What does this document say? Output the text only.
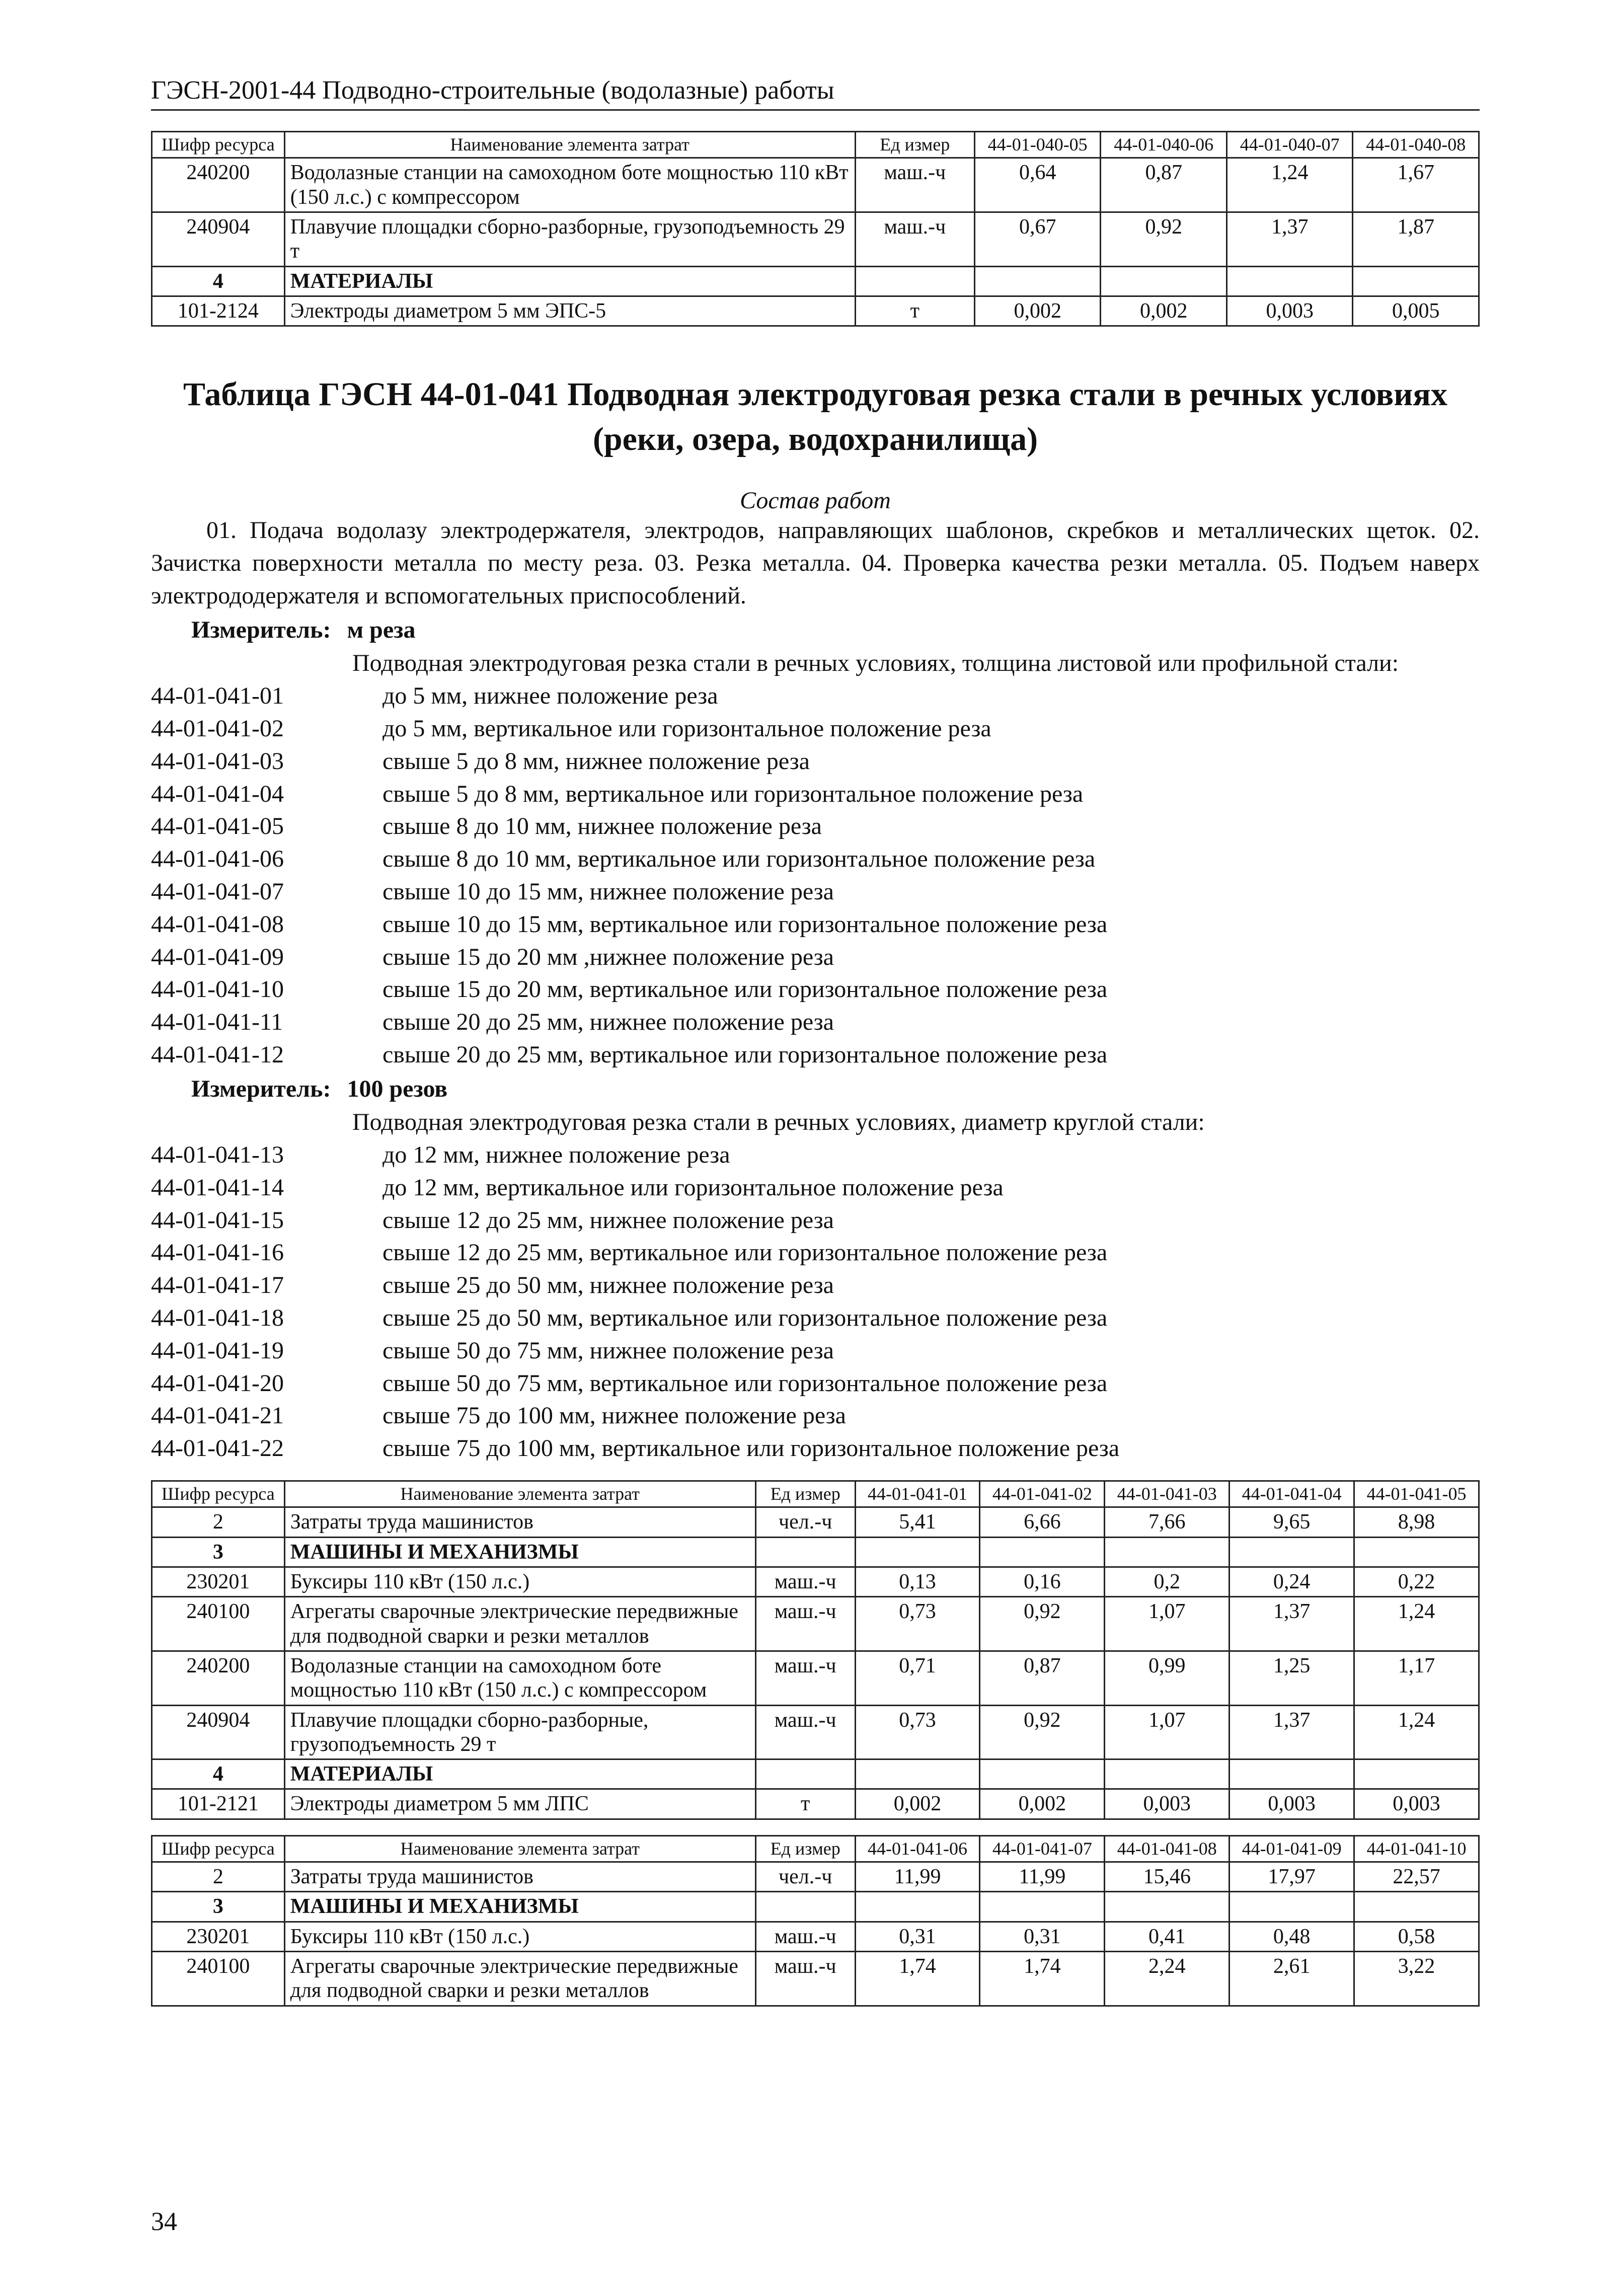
ГЭСН-2001-44 Подводно-строительные (водолазные) работы
Шифр ресурса	Наименование элемента затрат	Ед измер	44-01-040-05	44-01-040-06	44-01-040-07	44-01-040-08
240200	Водолазные станции на самоходном боте мощностью 110 кВт (150 л.с.) с компрессором	маш.-ч	0,64	0,87	1,24	1,67
240904	Плавучие площадки сборно-разборные, грузоподъемность 29 т	маш.-ч	0,67	0,92	1,37	1,87
4	МАТЕРИАЛЫ					
101-2124	Электроды диаметром 5 мм ЭПС-5	т	0,002	0,002	0,003	0,005
Таблица ГЭСН 44-01-041 Подводная электродуговая резка стали в речных условиях
(реки, озера, водохранилища)
Состав работ
01. Подача водолазу электродержателя, электродов, направляющих шаблонов, скребков и металлических щеток. 02. Зачистка поверхности металла по месту реза. 03. Резка металла. 04. Проверка качества резки металла. 05. Подъем наверх электрододержателя и вспомогательных приспособлений.
Измеритель: м реза
Подводная электродуговая резка стали в речных условиях, толщина листовой или профильной стали:
44-01-041-01	до 5 мм, нижнее положение реза
44-01-041-02	до 5 мм, вертикальное или горизонтальное положение реза
44-01-041-03	свыше 5 до 8 мм, нижнее положение реза
44-01-041-04	свыше 5 до 8 мм, вертикальное или горизонтальное положение реза
44-01-041-05	свыше 8 до 10 мм, нижнее положение реза
44-01-041-06	свыше 8 до 10 мм, вертикальное или горизонтальное положение реза
44-01-041-07	свыше 10 до 15 мм, нижнее положение реза
44-01-041-08	свыше 10 до 15 мм, вертикальное или горизонтальное положение реза
44-01-041-09	свыше 15 до 20 мм ,нижнее положение реза
44-01-041-10	свыше 15 до 20 мм, вертикальное или горизонтальное положение реза
44-01-041-11	свыше 20 до 25 мм, нижнее положение реза
44-01-041-12	свыше 20 до 25 мм, вертикальное или горизонтальное положение реза
Измеритель: 100 резов
Подводная электродуговая резка стали в речных условиях, диаметр круглой стали:
44-01-041-13	до 12 мм, нижнее положение реза
44-01-041-14	до 12 мм, вертикальное или горизонтальное положение реза
44-01-041-15	свыше 12 до 25 мм, нижнее положение реза
44-01-041-16	свыше 12 до 25 мм, вертикальное или горизонтальное положение реза
44-01-041-17	свыше 25 до 50 мм, нижнее положение реза
44-01-041-18	свыше 25 до 50 мм, вертикальное или горизонтальное положение реза
44-01-041-19	свыше 50 до 75 мм, нижнее положение реза
44-01-041-20	свыше 50 до 75 мм, вертикальное или горизонтальное положение реза
44-01-041-21	свыше 75 до 100 мм, нижнее положение реза
44-01-041-22	свыше 75 до 100 мм, вертикальное или горизонтальное положение реза
Шифр ресурса	Наименование элемента затрат	Ед измер	44-01-041-01	44-01-041-02	44-01-041-03	44-01-041-04	44-01-041-05
2	Затраты труда машинистов	чел.-ч	5,41	6,66	7,66	9,65	8,98
3	МАШИНЫ И МЕХАНИЗМЫ						
230201	Буксиры 110 кВт (150 л.с.)	маш.-ч	0,13	0,16	0,2	0,24	0,22
240100	Агрегаты сварочные электрические передвижные для подводной сварки и резки металлов	маш.-ч	0,73	0,92	1,07	1,37	1,24
240200	Водолазные станции на самоходном боте мощностью 110 кВт (150 л.с.) с компрессором	маш.-ч	0,71	0,87	0,99	1,25	1,17
240904	Плавучие площадки сборно-разборные, грузоподъемность 29 т	маш.-ч	0,73	0,92	1,07	1,37	1,24
4	МАТЕРИАЛЫ						
101-2121	Электроды диаметром 5 мм ЛПС	т	0,002	0,002	0,003	0,003	0,003
Шифр ресурса	Наименование элемента затрат	Ед измер	44-01-041-06	44-01-041-07	44-01-041-08	44-01-041-09	44-01-041-10
2	Затраты труда машинистов	чел.-ч	11,99	11,99	15,46	17,97	22,57
3	МАШИНЫ И МЕХАНИЗМЫ						
230201	Буксиры 110 кВт (150 л.с.)	маш.-ч	0,31	0,31	0,41	0,48	0,58
240100	Агрегаты сварочные электрические передвижные для подводной сварки и резки металлов	маш.-ч	1,74	1,74	2,24	2,61	3,22
34
